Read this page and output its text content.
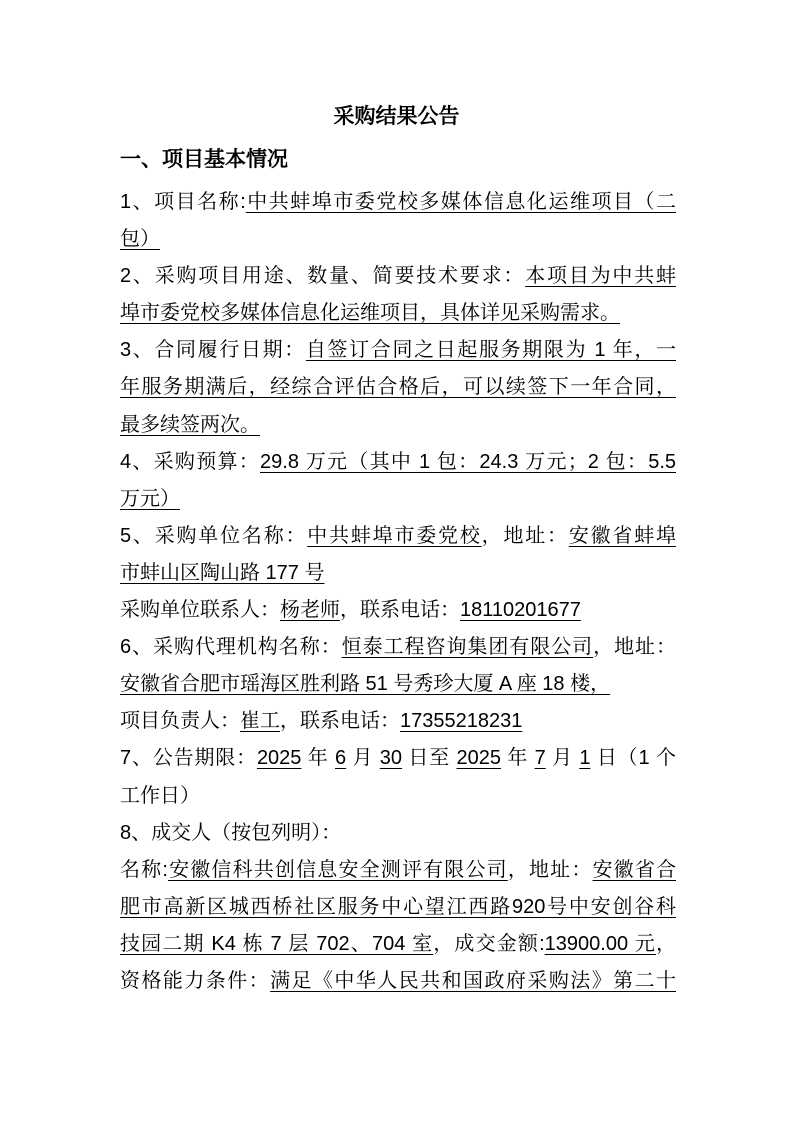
采购结果公告
一、项目基本情况
1、项目名称:中共蚌埠市委党校多媒体信息化运维项目（二
包）
2、采购项目用途、数量、简要技术要求：本项目为中共蚌
埠市委党校多媒体信息化运维项目，具体详见采购需求。
3、合同履行日期：自签订合同之日起服务期限为 1 年，一
年服务期满后，经综合评估合格后，可以续签下一年合同，
最多续签两次。
4、采购预算：29.8 万元（其中 1 包：24.3 万元；2 包：5.5
万元）
5、采购单位名称：中共蚌埠市委党校，地址：安徽省蚌埠
市蚌山区陶山路 177 号
采购单位联系人：杨老师，联系电话：18110201677
6、采购代理机构名称：恒泰工程咨询集团有限公司，地址：
安徽省合肥市瑶海区胜利路 51 号秀珍大厦 A 座 18 楼，
项目负责人：崔工，联系电话：17355218231
7、公告期限：2025 年 6 月 30 日至 2025 年 7 月 1 日（1 个
工作日）
8、成交人（按包列明）：
名称:安徽信科共创信息安全测评有限公司，地址：安徽省合
肥市高新区城西桥社区服务中心望江西路920号中安创谷科
技园二期 K4 栋 7 层 702、704 室，成交金额:13900.00 元，
资格能力条件：满足《中华人民共和国政府采购法》第二十
